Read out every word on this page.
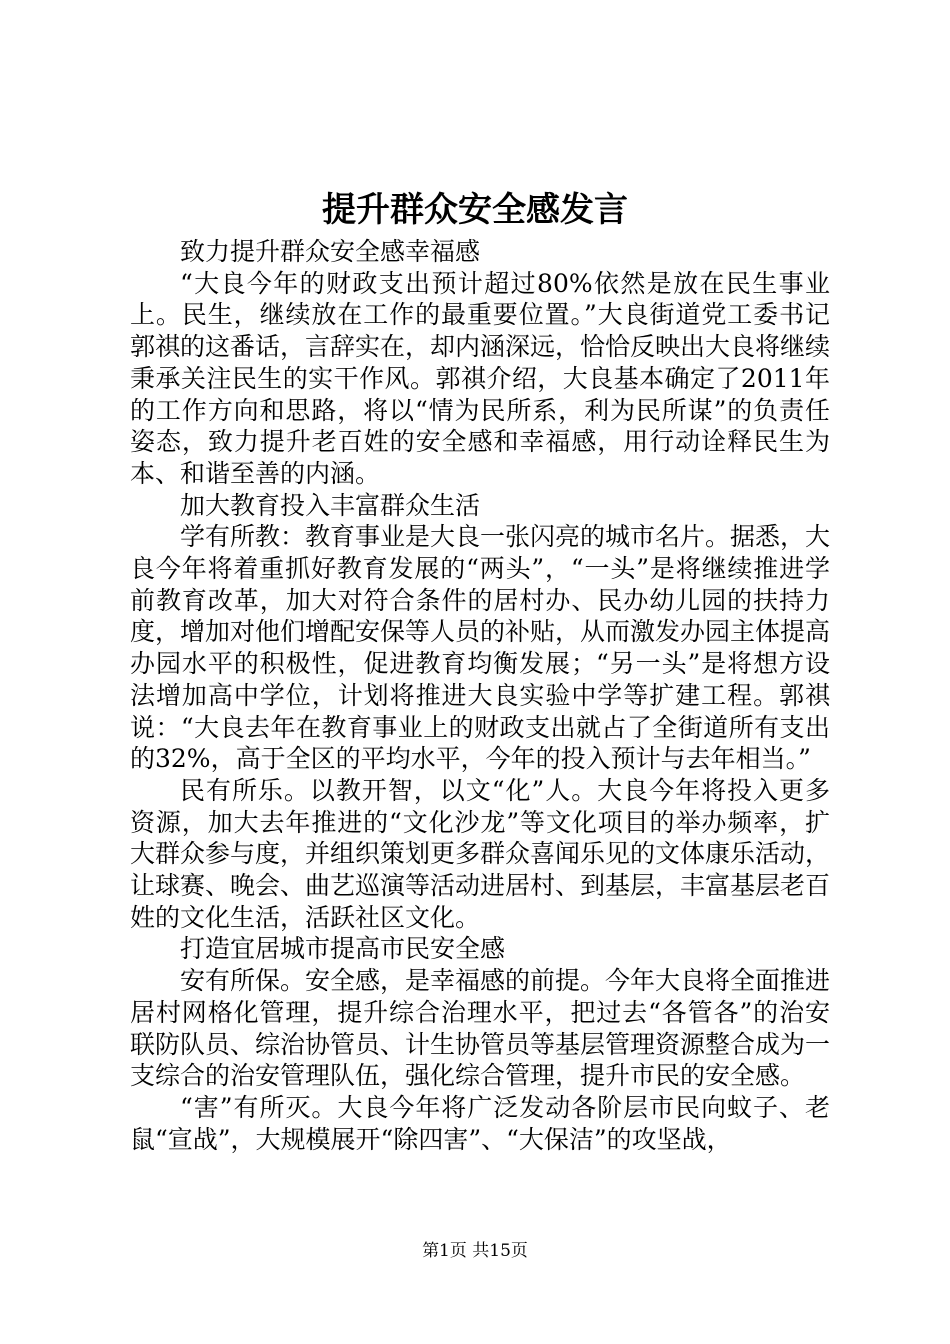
提升群众安全感发言

致力提升群众安全感幸福感

“大良今年的财政支出预计超过80%依然是放在民生事业上。民生，继续放在工作的最重要位置。”大良街道党工委书记郭祺的这番话，言辞实在，却内涵深远，恰恰反映出大良将继续秉承关注民生的实干作风。郭祺介绍，大良基本确定了2011年的工作方向和思路，将以“情为民所系，利为民所谋”的负责任姿态，致力提升老百姓的安全感和幸福感，用行动诠释民生为本、和谐至善的内涵。

加大教育投入丰富群众生活

学有所教：教育事业是大良一张闪亮的城市名片。据悉，大良今年将着重抓好教育发展的“两头”，“一头”是将继续推进学前教育改革，加大对符合条件的居村办、民办幼儿园的扶持力度，增加对他们增配安保等人员的补贴，从而激发办园主体提高办园水平的积极性，促进教育均衡发展；“另一头”是将想方设法增加高中学位，计划将推进大良实验中学等扩建工程。郭祺说：“大良去年在教育事业上的财政支出就占了全街道所有支出的32%，高于全区的平均水平，今年的投入预计与去年相当。”

民有所乐。以教开智，以文“化”人。大良今年将投入更多资源，加大去年推进的“文化沙龙”等文化项目的举办频率，扩大群众参与度，并组织策划更多群众喜闻乐见的文体康乐活动，让球赛、晚会、曲艺巡演等活动进居村、到基层，丰富基层老百姓的文化生活，活跃社区文化。

打造宜居城市提高市民安全感

安有所保。安全感，是幸福感的前提。今年大良将全面推进居村网格化管理，提升综合治理水平，把过去“各管各”的治安联防队员、综治协管员、计生协管员等基层管理资源整合成为一支综合的治安管理队伍，强化综合管理，提升市民的安全感。

“害”有所灭。大良今年将广泛发动各阶层市民向蚊子、老鼠“宣战”，大规模展开“除四害”、“大保洁”的攻坚战，

第1页 共15页
